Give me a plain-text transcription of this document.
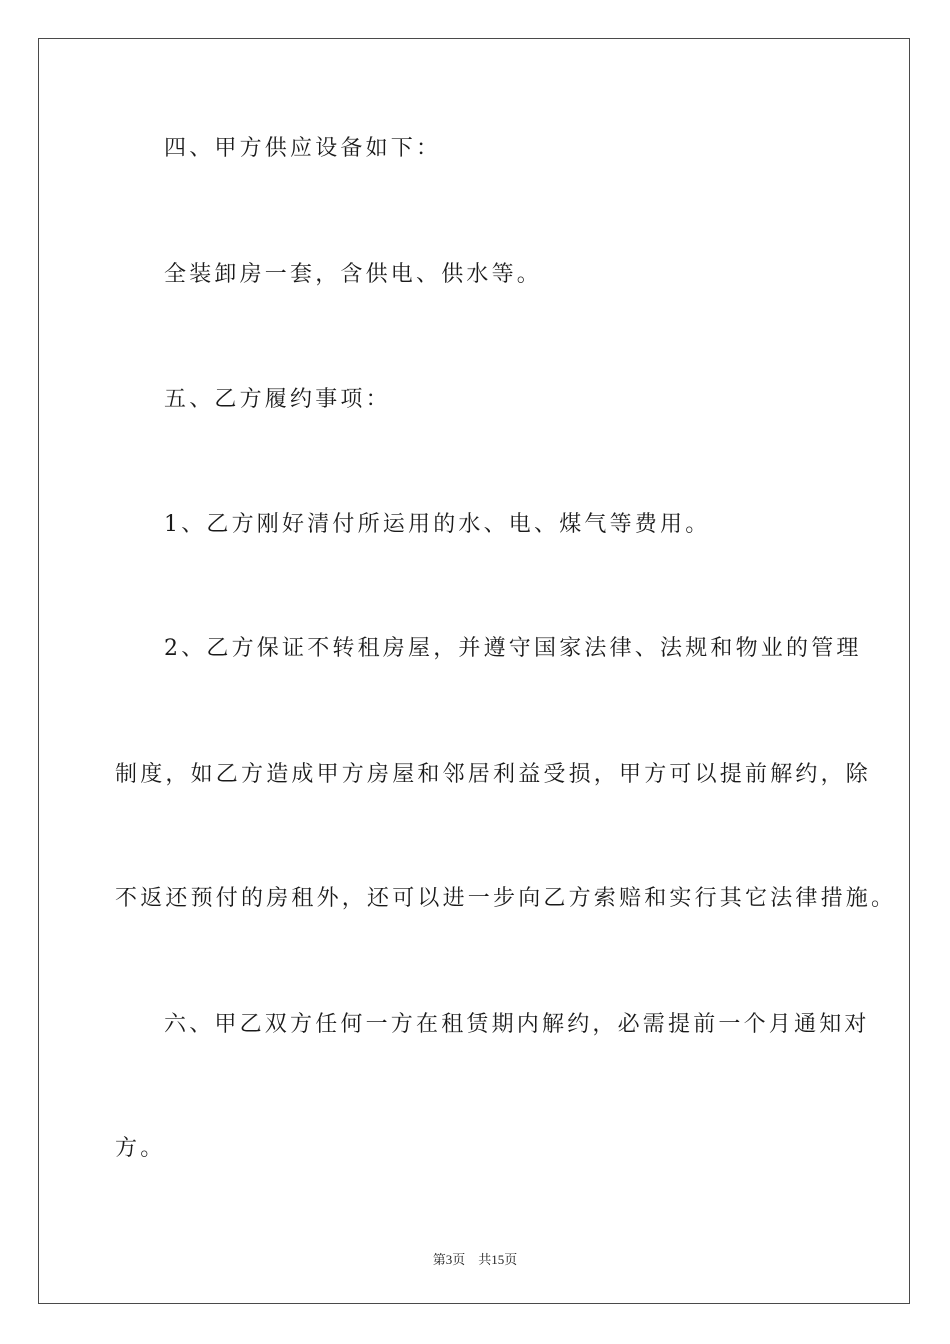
四、甲方供应设备如下：
全装卸房一套，含供电、供水等。
五、乙方履约事项：
1、乙方刚好清付所运用的水、电、煤气等费用。
2、乙方保证不转租房屋，并遵守国家法律、法规和物业的管理
制度，如乙方造成甲方房屋和邻居利益受损，甲方可以提前解约，除
不返还预付的房租外，还可以进一步向乙方索赔和实行其它法律措施。
六、甲乙双方任何一方在租赁期内解约，必需提前一个月通知对
方。
第3页 共15页
